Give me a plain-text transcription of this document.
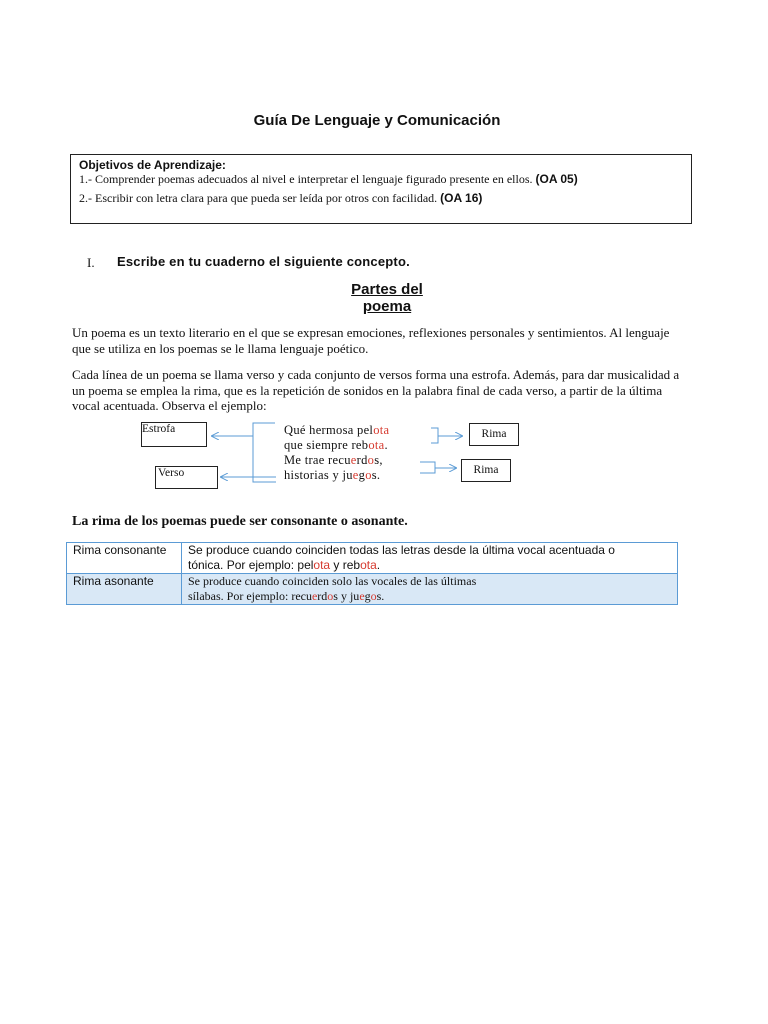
Guía De Lenguaje y Comunicación
Objetivos de Aprendizaje:
1.- Comprender poemas adecuados al nivel e interpretar el lenguaje figurado presente en ellos. (OA 05)
2.- Escribir con letra clara para que pueda ser leída por otros con facilidad. (OA 16)
I. Escribe en tu cuaderno el siguiente concepto.
Partes del
poema
Un poema es un texto literario en el que se expresan emociones, reflexiones personales y sentimientos. Al lenguaje que se utiliza en los poemas se le llama lenguaje poético.
Cada línea de un poema se llama verso y cada conjunto de versos forma una estrofa. Además, para dar musicalidad a un poema se emplea la rima, que es la repetición de sonidos en la palabra final de cada verso, a partir de la última vocal acentuada. Observa el ejemplo:
Estrofa
Verso
Rima
Rima
Qué hermosa pelota
que siempre rebota.
Me trae recuerdos,
historias y juegos.
La rima de los poemas puede ser consonante o asonante.
Rima consonante	Se produce cuando coinciden todas las letras desde la última vocal acentuada o
tónica. Por ejemplo: pelota y rebota.

Rima asonante	Se produce cuando coinciden solo las vocales de las últimas
sílabas. Por ejemplo: recuerdos y juegos.
